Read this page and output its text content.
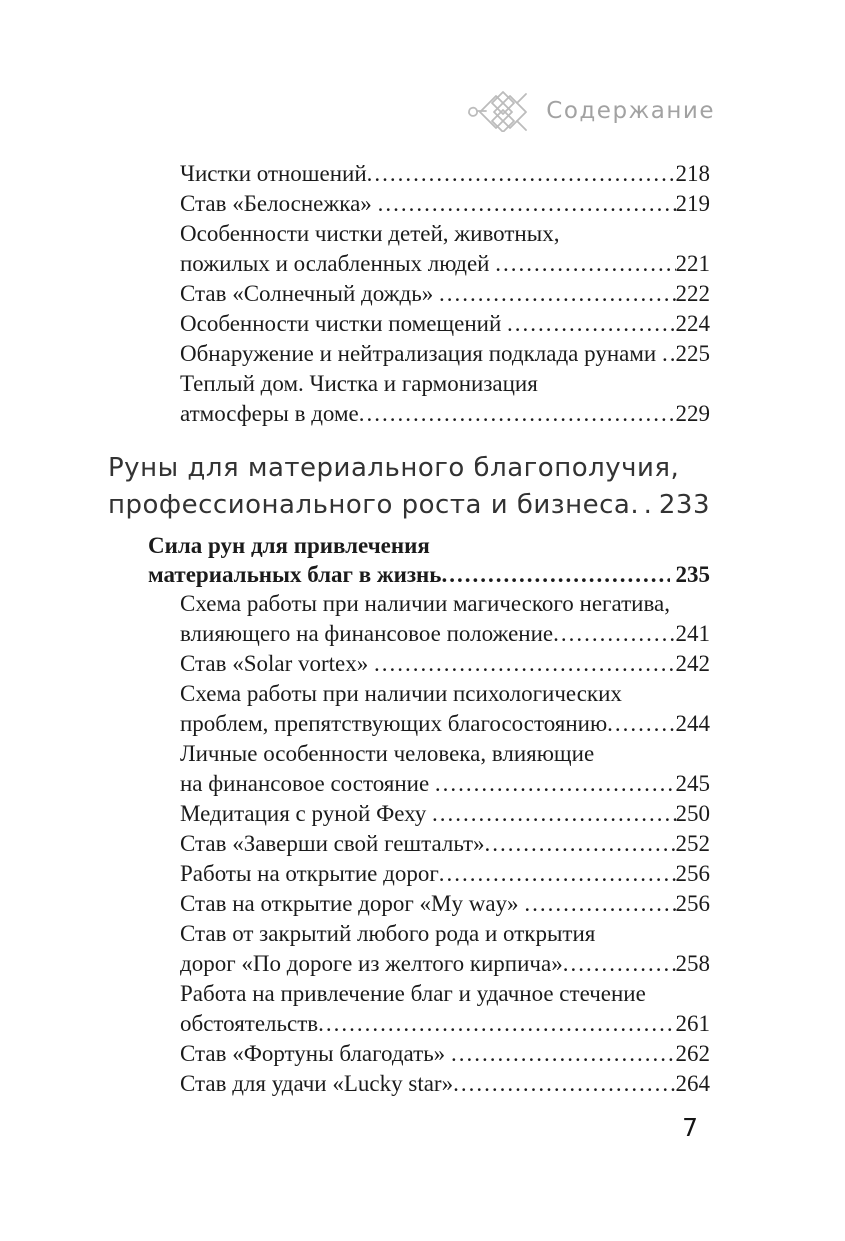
Содержание
Чистки отношений .....	218
Став «Белоснежка» .....	219
Особенности чистки детей, животных,
пожилых и ослабленных людей .....	221
Став «Солнечный дождь» .....	222
Особенности чистки помещений .....	224
Обнаружение и нейтрализация подклада рунами ..... 225
Теплый дом. Чистка и гармонизация
атмосферы в доме .....	229
Руны для материального благополучия,
профессионального роста и бизнеса ..... 233
Сила рун для привлечения
материальных благ в жизнь .....	235
Схема работы при наличии магического негатива,
влияющего на финансовое положение .....	241
Став «Solar vortex» .....	242
Схема работы при наличии психологических
проблем, препятствующих благосостоянию .....	244
Личные особенности человека, влияющие
на финансовое состояние .....	245
Медитация с руной Феху .....	250
Став «Заверши свой гештальт» .....	252
Работы на открытие дорог .....	256
Став на открытие дорог «My way» .....	256
Став от закрытий любого рода и открытия
дорог «По дороге из желтого кирпича» .....	258
Работа на привлечение благ и удачное стечение
обстоятельств .....	261
Став «Фортуны благодать» .....	262
Став для удачи «Lucky star» .....	264
7
